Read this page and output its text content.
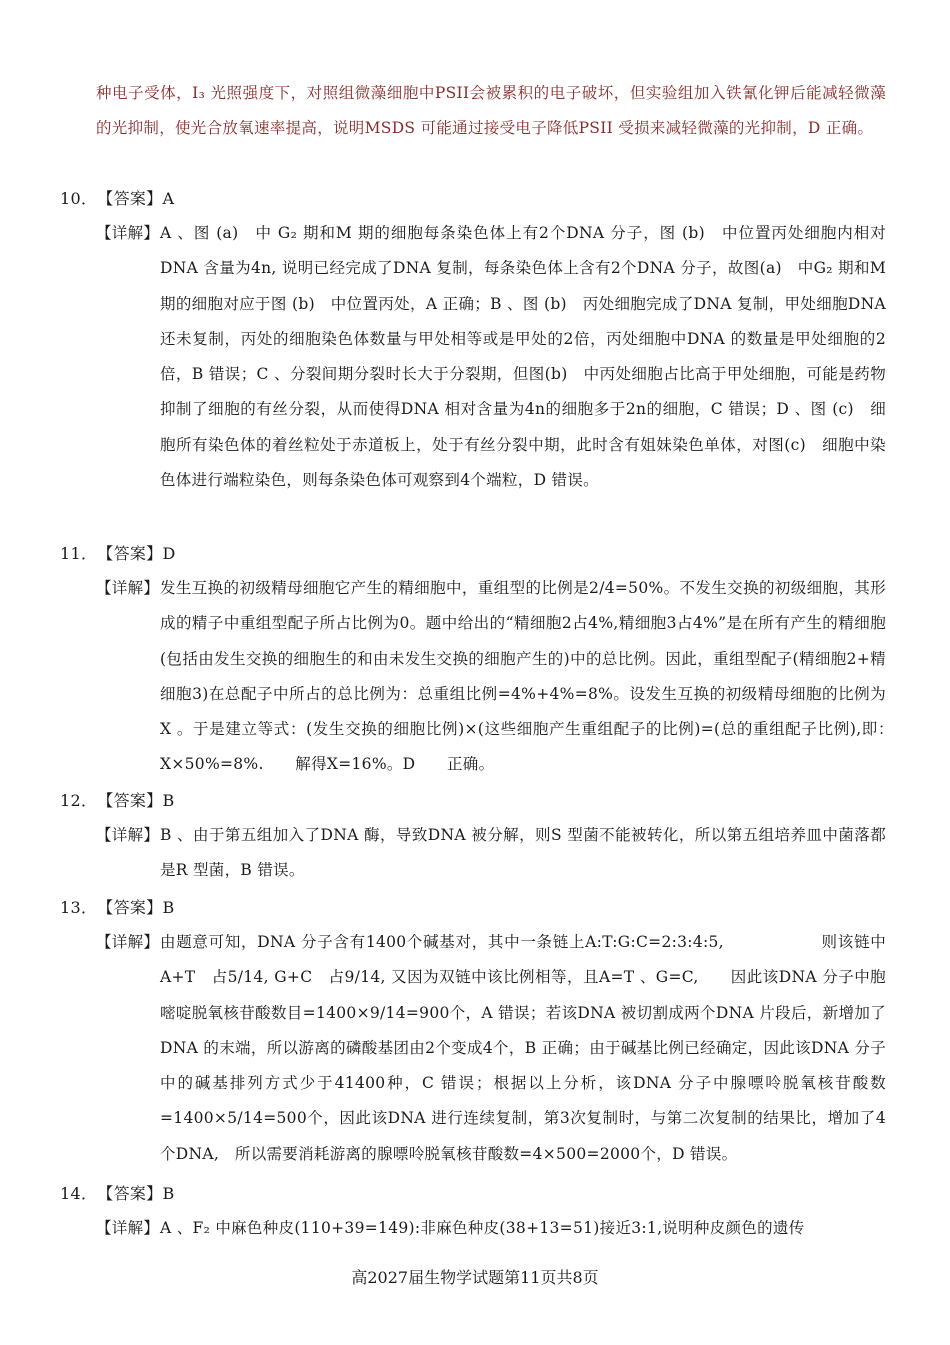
种电子受体，I₃ 光照强度下，对照组微藻细胞中PSII会被累积的电子破坏，但实验组加入铁氰化钾后能减轻微藻的光抑制，使光合放氧速率提高，说明MSDS 可能通过接受电子降低PSII 受损来减轻微藻的光抑制，D 正确。
10．【答案】A
【详解】 A 、图 (a)　中 G₂ 期和M 期的细胞每条染色体上有2个DNA 分子，图 (b)　中位置丙处细胞内相对 DNA 含量为4n, 说明已经完成了DNA 复制，每条染色体上含有2个DNA 分子，故图(a)　中G₂ 期和M 期的细胞对应于图 (b)　中位置丙处，A 正确；B 、图 (b)　丙处细胞完成了DNA 复制，甲处细胞DNA 还未复制，丙处的细胞染色体数量与甲处相等或是甲处的2倍，丙处细胞中DNA 的数量是甲处细胞的2倍，B 错误；C 、分裂间期分裂时长大于分裂期，但图(b)　中丙处细胞占比高于甲处细胞，可能是药物抑制了细胞的有丝分裂，从而使得DNA 相对含量为4n的细胞多于2n的细胞，C 错误；D 、图 (c)　细胞所有染色体的着丝粒处于赤道板上，处于有丝分裂中期，此时含有姐妹染色单体，对图(c)　细胞中染色体进行端粒染色，则每条染色体可观察到4个端粒，D 错误。
11．【答案】D
【详解】 发生互换的初级精母细胞它产生的精细胞中，重组型的比例是2/4=50%。不发生交换的初级细胞，其形成的精子中重组型配子所占比例为0。题中给出的“精细胞2占4%,精细胞3占4%”是在所有产生的精细胞(包括由发生交换的细胞生的和由未发生交换的细胞产生的)中的总比例。因此，重组型配子(精细胞2+精细胞3)在总配子中所占的总比例为：总重组比例=4%+4%=8%。设发生互换的初级精母细胞的比例为X 。于是建立等式：(发生交换的细胞比例)×(这些细胞产生重组配子的比例)=(总的重组配子比例),即：　X×50%=8%.　　解得X=16%。D　　正确。
12．【答案】B
【详解】 B 、由于第五组加入了DNA 酶，导致DNA 被分解，则S 型菌不能被转化，所以第五组培养皿中菌落都是R 型菌，B 错误。
13．【答案】B
【详解】 由题意可知，DNA 分子含有1400个碱基对，其中一条链上A:T:G:C=2:3:4:5,　　　　　　则该链中A+T　占5/14, G+C　占9/14, 又因为双链中该比例相等，且A=T 、G=C,　　因此该DNA 分子中胞嘧啶脱氧核苷酸数目=1400×9/14=900个，A 错误；若该DNA 被切割成两个DNA 片段后，新增加了DNA 的末端，所以游离的磷酸基团由2个变成4个，B 正确；由于碱基比例已经确定，因此该DNA 分子中的碱基排列方式少于41400种，C 错误；根据以上分析，该DNA 分子中腺嘌呤脱氧核苷酸数=1400×5/14=500个，因此该DNA 进行连续复制，第3次复制时，与第二次复制的结果比，增加了4个DNA,　所以需要消耗游离的腺嘌呤脱氧核苷酸数=4×500=2000个，D 错误。
14．【答案】B
【详解】 A 、F₂ 中麻色种皮(110+39=149):非麻色种皮(38+13=51)接近3:1,说明种皮颜色的遗传
高2027届生物学试题第11页共8页
